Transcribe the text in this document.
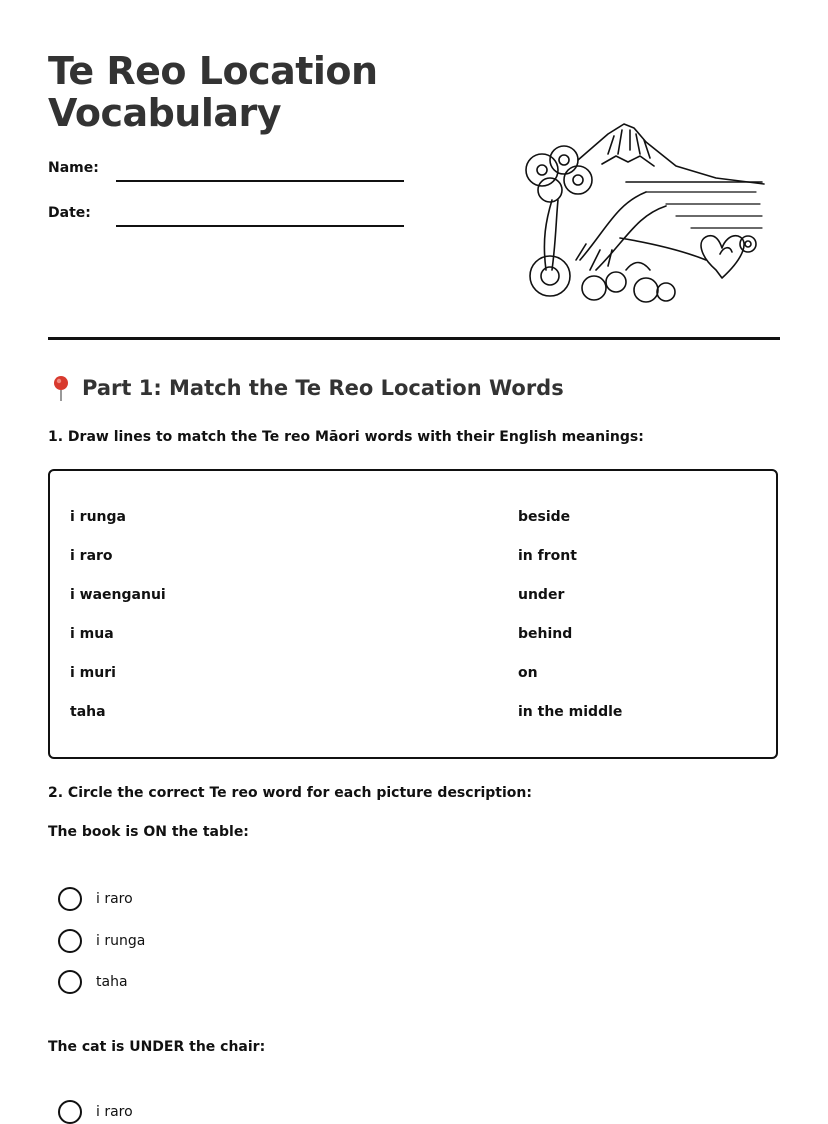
Te Reo Location Vocabulary
Name:
Date:
Part 1: Match the Te Reo Location Words
1. Draw lines to match the Te reo Māori words with their English meanings:
i runga	beside
i raro	in front
i waenganui	under
i mua	behind
i muri	on
taha	in the middle
2. Circle the correct Te reo word for each picture description:
The book is ON the table:
i raro
i runga
taha
The cat is UNDER the chair:
i raro
